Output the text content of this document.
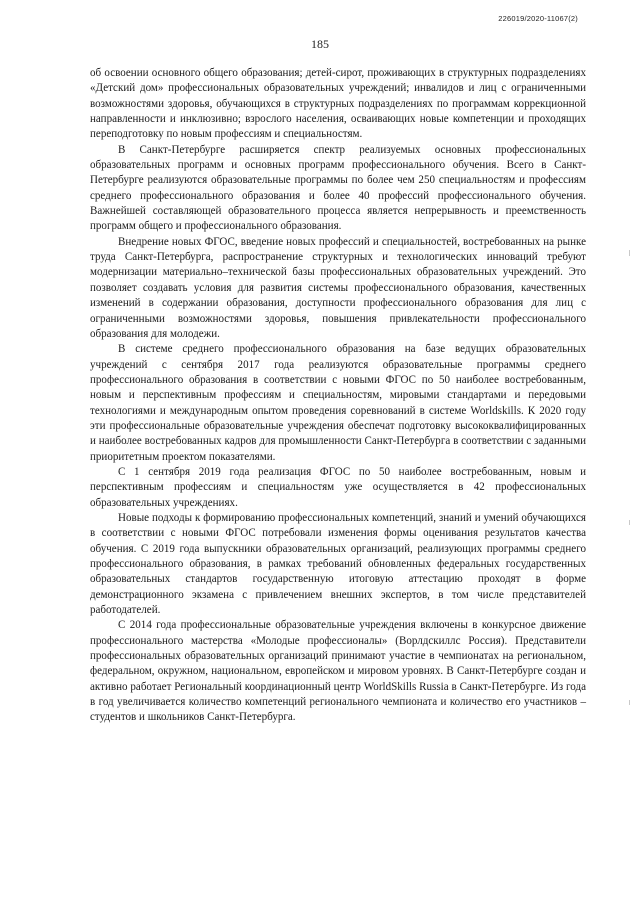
226019/2020-11067(2)
185

об освоении основного общего образования; детей-сирот, проживающих в структурных подразделениях «Детский дом» профессиональных образовательных учреждений; инвалидов и лиц с ограниченными возможностями здоровья, обучающихся в структурных подразделениях по программам коррекционной направленности и инклюзивно; взрослого населения, осваивающих новые компетенции и проходящих переподготовку по новым профессиям и специальностям.

В Санкт-Петербурге расширяется спектр реализуемых основных профессиональных образовательных программ и основных программ профессионального обучения. Всего в Санкт-Петербурге реализуются образовательные программы по более чем 250 специальностям и профессиям среднего профессионального образования и более 40 профессий профессионального обучения. Важнейшей составляющей образовательного процесса является непрерывность и преемственность программ общего и профессионального образования.

Внедрение новых ФГОС, введение новых профессий и специальностей, востребованных на рынке труда Санкт-Петербурга, распространение структурных и технологических инноваций требуют модернизации материально–технической базы профессиональных образовательных учреждений. Это позволяет создавать условия для развития системы профессионального образования, качественных изменений в содержании образования, доступности профессионального образования для лиц с ограниченными возможностями здоровья, повышения привлекательности профессионального образования для молодежи.

В системе среднего профессионального образования на базе ведущих образовательных учреждений с сентября 2017 года реализуются образовательные программы среднего профессионального образования в соответствии с новыми ФГОС по 50 наиболее востребованным, новым и перспективным профессиям и специальностям, мировыми стандартами и передовыми технологиями и международным опытом проведения соревнований в системе Worldskills. К 2020 году эти профессиональные образовательные учреждения обеспечат подготовку высококвалифицированных и наиболее востребованных кадров для промышленности Санкт-Петербурга в соответствии с заданными приоритетным проектом показателями.

С 1 сентября 2019 года реализация ФГОС по 50 наиболее востребованным, новым и перспективным профессиям и специальностям уже осуществляется в 42 профессиональных образовательных учреждениях.

Новые подходы к формированию профессиональных компетенций, знаний и умений обучающихся в соответствии с новыми ФГОС потребовали изменения формы оценивания результатов качества обучения. С 2019 года выпускники образовательных организаций, реализующих программы среднего профессионального образования, в рамках требований обновленных федеральных государственных образовательных стандартов государственную итоговую аттестацию проходят в форме демонстрационного экзамена с привлечением внешних экспертов, в том числе представителей работодателей.

С 2014 года профессиональные образовательные учреждения включены в конкурсное движение профессионального мастерства «Молодые профессионалы» (Ворлдскиллс Россия). Представители профессиональных образовательных организаций принимают участие в чемпионатах на региональном, федеральном, окружном, национальном, европейском и мировом уровнях. В Санкт-Петербурге создан и активно работает Региональный координационный центр WorldSkills Russia в Санкт-Петербурге. Из года в год увеличивается количество компетенций регионального чемпионата и количество его участников – студентов и школьников Санкт-Петербурга.
